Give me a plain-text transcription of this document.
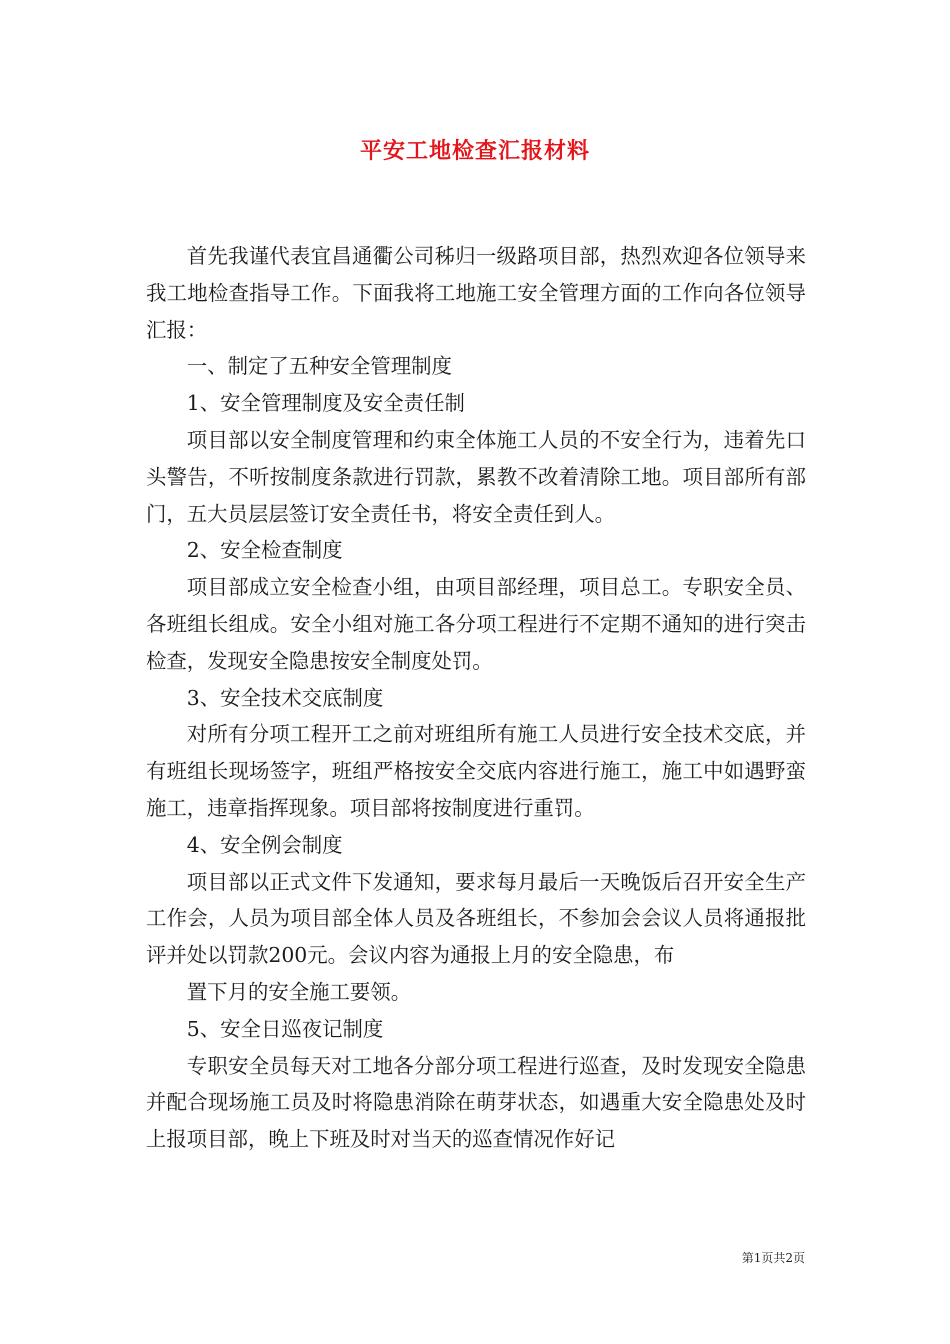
平安工地检查汇报材料

首先我谨代表宜昌通衢公司秭归一级路项目部，热烈欢迎各位领导来我工地检查指导工作。下面我将工地施工安全管理方面的工作向各位领导汇报：

一、制定了五种安全管理制度

1、安全管理制度及安全责任制

项目部以安全制度管理和约束全体施工人员的不安全行为，违着先口头警告，不听按制度条款进行罚款，累教不改着清除工地。项目部所有部门，五大员层层签订安全责任书，将安全责任到人。

2、安全检查制度

项目部成立安全检查小组，由项目部经理，项目总工。专职安全员、各班组长组成。安全小组对施工各分项工程进行不定期不通知的进行突击检查，发现安全隐患按安全制度处罚。

3、安全技术交底制度

对所有分项工程开工之前对班组所有施工人员进行安全技术交底，并有班组长现场签字，班组严格按安全交底内容进行施工，施工中如遇野蛮施工，违章指挥现象。项目部将按制度进行重罚。

4、安全例会制度

项目部以正式文件下发通知，要求每月最后一天晚饭后召开安全生产工作会，人员为项目部全体人员及各班组长，不参加会会议人员将通报批评并处以罚款200元。会议内容为通报上月的安全隐患，布

置下月的安全施工要领。

5、安全日巡夜记制度

专职安全员每天对工地各分部分项工程进行巡查，及时发现安全隐患并配合现场施工员及时将隐患消除在萌芽状态，如遇重大安全隐患处及时上报项目部，晚上下班及时对当天的巡查情况作好记

第1页共2页
